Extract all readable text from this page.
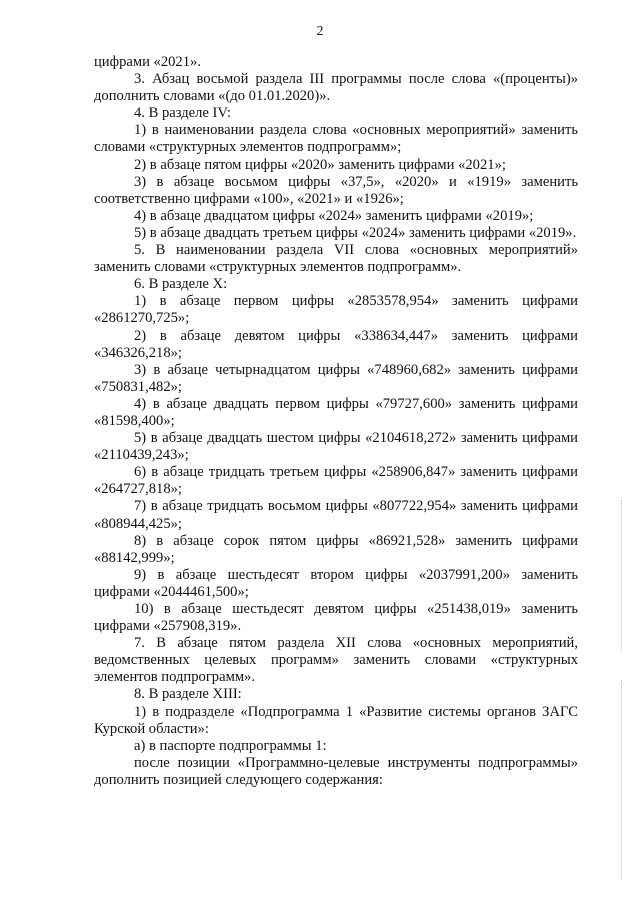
2

цифрами «2021».

3. Абзац восьмой раздела III программы после слова «(проценты)» дополнить словами «(до 01.01.2020)».

4. В разделе IV:

1) в наименовании раздела слова «основных мероприятий» заменить словами «структурных элементов подпрограмм»;

2) в абзаце пятом цифры «2020» заменить цифрами «2021»;

3) в абзаце восьмом цифры «37,5», «2020» и «1919» заменить соответственно цифрами «100», «2021» и «1926»;

4) в абзаце двадцатом цифры «2024» заменить цифрами «2019»;

5) в абзаце двадцать третьем цифры «2024» заменить цифрами «2019».

5. В наименовании раздела VII слова «основных мероприятий» заменить словами «структурных элементов подпрограмм».

6. В разделе X:

1) в абзаце первом цифры «2853578,954» заменить цифрами «2861270,725»;

2) в абзаце девятом цифры «338634,447» заменить цифрами «346326,218»;

3) в абзаце четырнадцатом цифры «748960,682» заменить цифрами «750831,482»;

4) в абзаце двадцать первом цифры «79727,600» заменить цифрами «81598,400»;

5) в абзаце двадцать шестом цифры «2104618,272» заменить цифрами «2110439,243»;

6) в абзаце тридцать третьем цифры «258906,847» заменить цифрами «264727,818»;

7) в абзаце тридцать восьмом цифры «807722,954» заменить цифрами «808944,425»;

8) в абзаце сорок пятом цифры «86921,528» заменить цифрами «88142,999»;

9) в абзаце шестьдесят втором цифры «2037991,200» заменить цифрами «2044461,500»;

10) в абзаце шестьдесят девятом цифры «251438,019» заменить цифрами «257908,319».

7. В абзаце пятом раздела XII слова «основных мероприятий, ведомственных целевых программ» заменить словами «структурных элементов подпрограмм».

8. В разделе XIII:

1) в подразделе «Подпрограмма 1 «Развитие системы органов ЗАГС Курской области»:

а) в паспорте подпрограммы 1:

после позиции «Программно-целевые инструменты подпрограммы» дополнить позицией следующего содержания:
